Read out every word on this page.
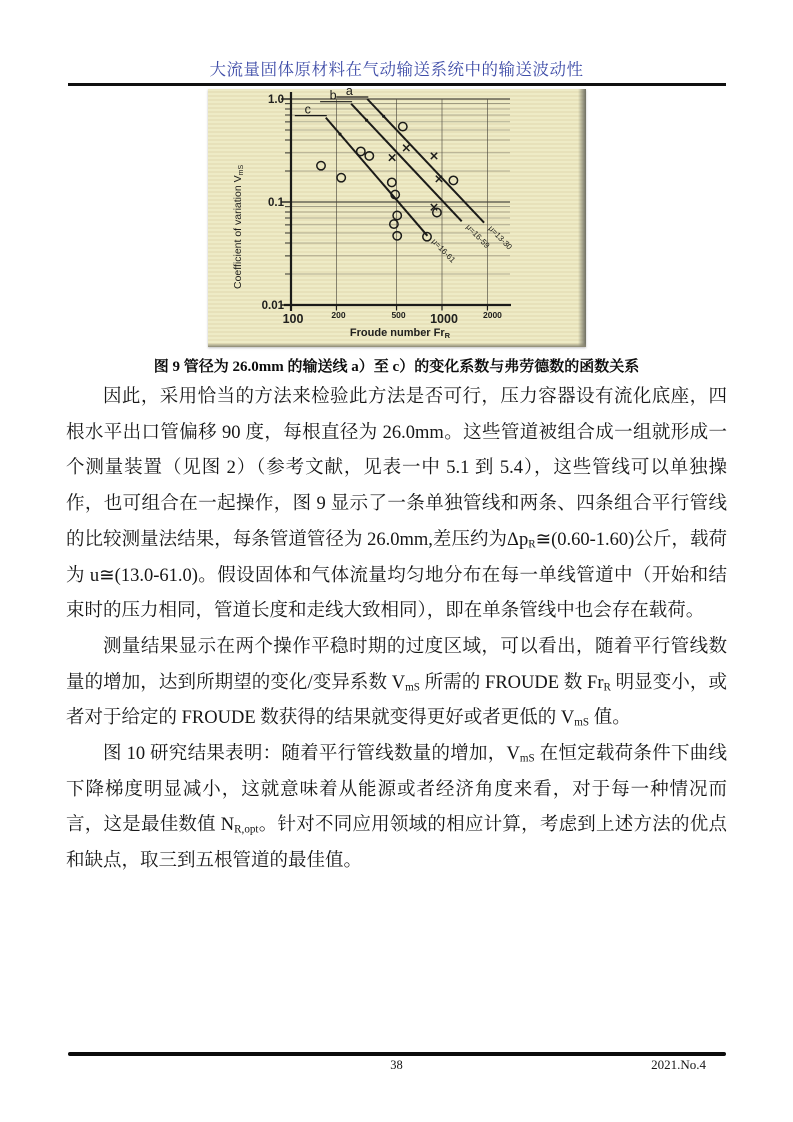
大流量固体原材料在气动输送系统中的输送波动性
100	200	500 1000	2000
1.0
0.1
0.01
Froude number FrR
Coefficient of variation VmS
a
μ=13-30
b
μ=16-59
c
μ=16-61
图 9 管径为 26.0mm 的输送线 a）至 c）的变化系数与弗劳德数的函数关系

因此，采用恰当的方法来检验此方法是否可行，压力容器设有流化底座，四根水平出口管偏移 90 度，每根直径为 26.0mm。这些管道被组合成一组就形成一个测量装置（见图 2）（参考文献，见表一中 5.1 到 5.4），这些管线可以单独操作，也可组合在一起操作，图 9 显示了一条单独管线和两条、四条组合平行管线的比较测量法结果，每条管道管径为 26.0mm,差压约为$\Delta p_R≅(0.60-1.60)$公斤，载荷为 u≅(13.0-61.0)。假设固体和气体流量均匀地分布在每一单线管道中（开始和结束时的压力相同，管道长度和走线大致相同），即在单条管线中也会存在载荷。

测量结果显示在两个操作平稳时期的过度区域，可以看出，随着平行管线数量的增加，达到所期望的变化/变异系数 $V_{mS}$ 所需的 FROUDE 数 $Fr_R$ 明显变小，或者对于给定的 FROUDE 数获得的结果就变得更好或者更低的 $V_{mS}$ 值。

图 10 研究结果表明：随着平行管线数量的增加，$V_{mS}$ 在恒定载荷条件下曲线下降梯度明显减小，这就意味着从能源或者经济角度来看，对于每一种情况而言，这是最佳数值 $N_{R,opt}$。针对不同应用领域的相应计算，考虑到上述方法的优点和缺点，取三到五根管道的最佳值。

38	2021.No.4
